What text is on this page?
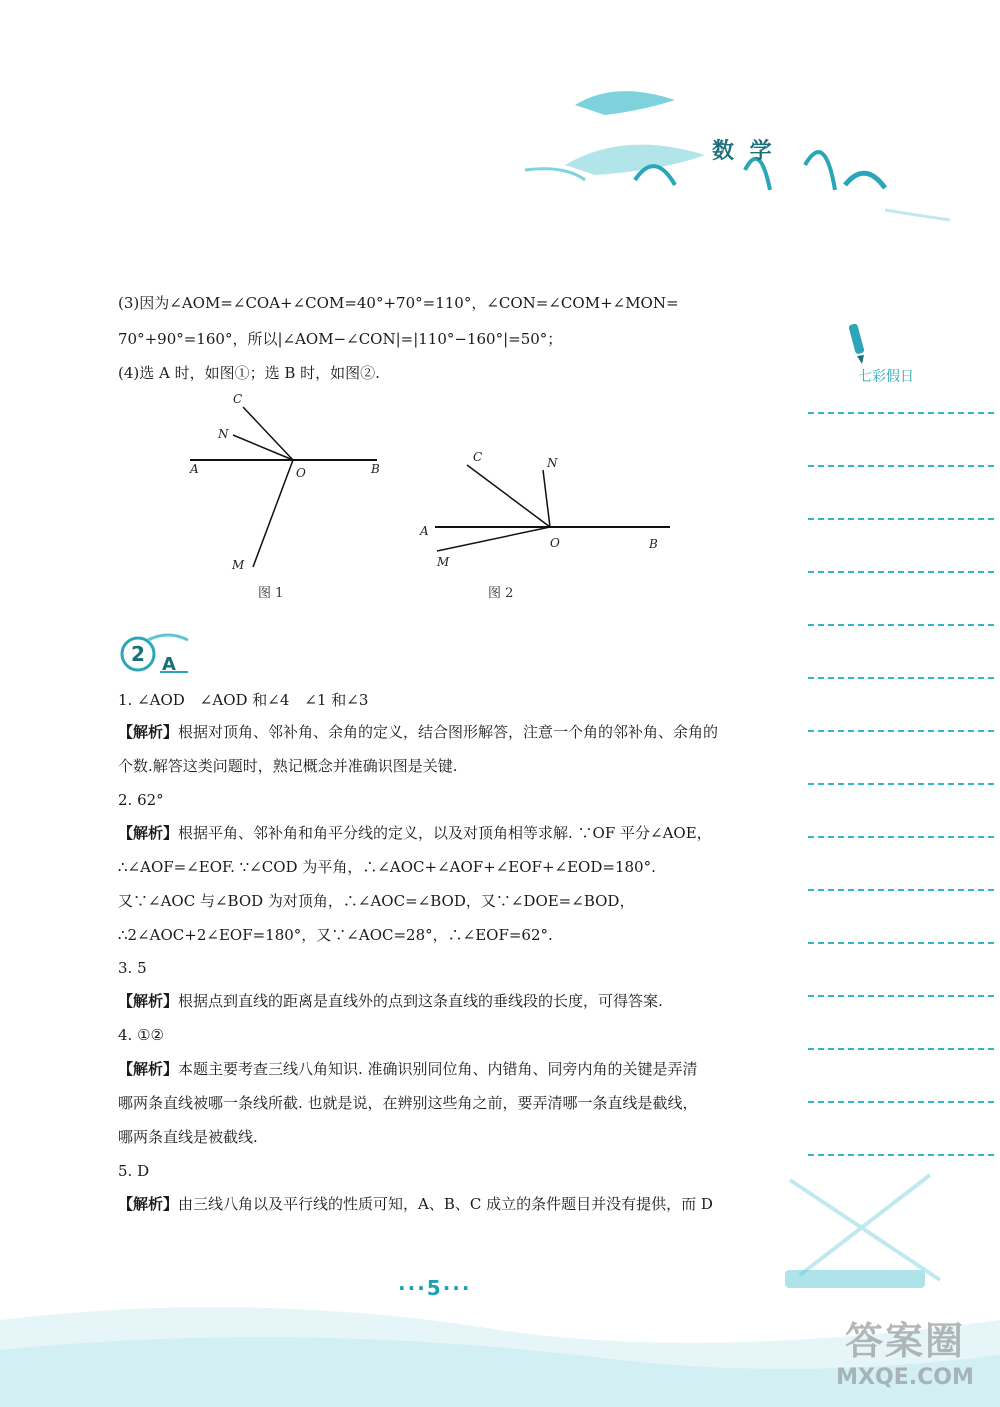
数 学
七彩假日
(3)因为∠AOM=∠COA+∠COM=40°+70°=110°，∠CON=∠COM+∠MON=
70°+90°=160°，所以|∠AOM−∠CON|=|110°−160°|=50°；
(4)选 A 时，如图①；选 B 时，如图②.
1. ∠AOD　∠AOD 和∠4　∠1 和∠3
【解析】根据对顶角、邻补角、余角的定义，结合图形解答，注意一个角的邻补角、余角的
个数.解答这类问题时，熟记概念并准确识图是关键.
2. 62°
【解析】根据平角、邻补角和角平分线的定义，以及对顶角相等求解. ∵OF 平分∠AOE，
∴∠AOF=∠EOF. ∵∠COD 为平角，∴∠AOC+∠AOF+∠EOF+∠EOD=180°.
又∵∠AOC 与∠BOD 为对顶角，∴∠AOC=∠BOD，又∵∠DOE=∠BOD，
∴2∠AOC+2∠EOF=180°，又∵∠AOC=28°，∴∠EOF=62°.
3. 5
【解析】根据点到直线的距离是直线外的点到这条直线的垂线段的长度，可得答案.
4. ①②
【解析】本题主要考查三线八角知识. 准确识别同位角、内错角、同旁内角的关键是弄清
哪两条直线被哪一条线所截. 也就是说，在辨别这些角之前，要弄清哪一条直线是截线，
哪两条直线是被截线.
5. D
【解析】由三线八角以及平行线的性质可知，A、B、C 成立的条件题目并没有提供，而 D
C
N
A	O	B
M
图 1
C	N
A
O	B
M
图 2
2 A
···5···
答案圈
MXQE.COM
